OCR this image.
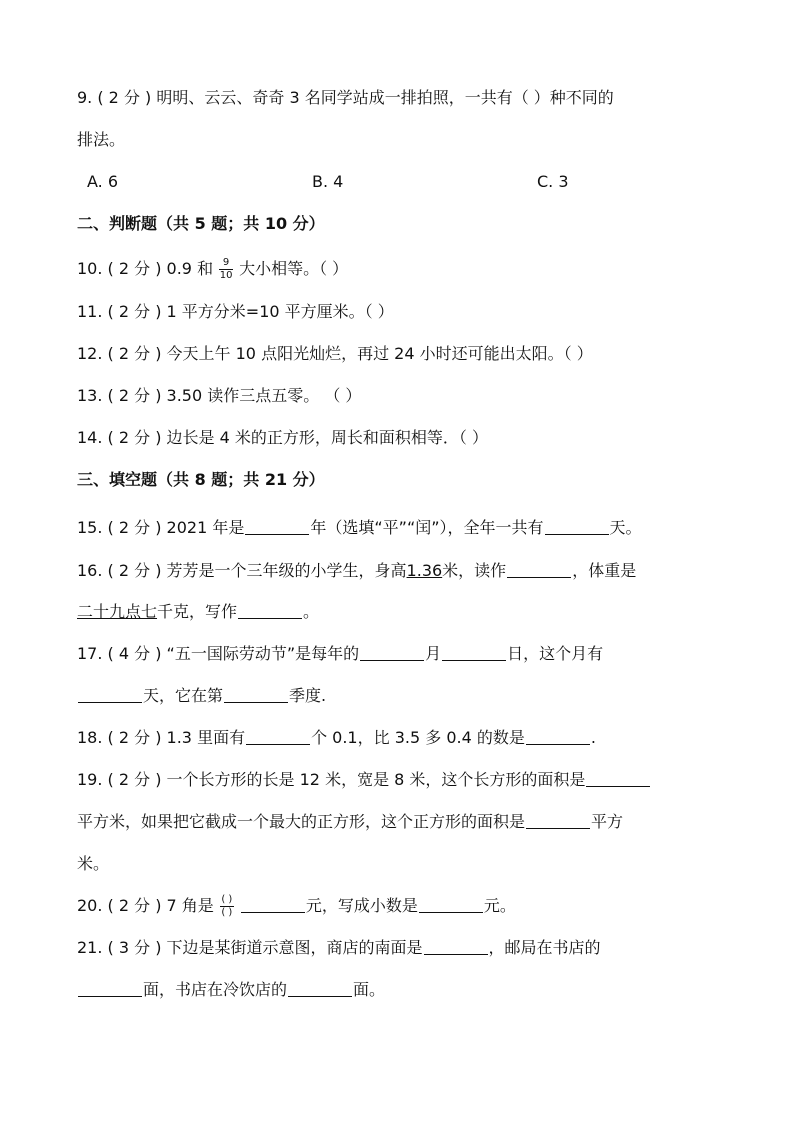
9. ( 2 分 ) 明明、云云、奇奇 3 名同学站成一排拍照，一共有（ ）种不同的
排法。
A. 6	B. 4	C. 3
二、判断题（共 5 题；共 10 分）
10. ( 2 分 ) 0.9 和 $\frac{9}{10}$ 大小相等。（ ）
11. ( 2 分 ) 1 平方分米=10 平方厘米。（ ）
12. ( 2 分 ) 今天上午 10 点阳光灿烂，再过 24 小时还可能出太阳。（ ）
13. ( 2 分 ) 3.50 读作三点五零。 （ ）
14. ( 2 分 ) 边长是 4 米的正方形，周长和面积相等．（ ）
三、填空题（共 8 题；共 21 分）
15. ( 2 分 ) 2021 年是	年（选填“平”“闰”），全年一共有	天。
16. ( 2 分 ) 芳芳是一个三年级的小学生，身高1.36米，读作	，体重是
二十九点七千克，写作	。
17. ( 4 分 ) “五一国际劳动节”是每年的	月	日，这个月有
天，它在第	季度.
18. ( 2 分 ) 1.3 里面有	个 0.1，比 3.5 多 0.4 的数是	.
19. ( 2 分 ) 一个长方形的长是 12 米，宽是 8 米，这个长方形的面积是
平方米，如果把它截成一个最大的正方形，这个正方形的面积是	平方
米。
20. ( 2 分 ) 7 角是 $\frac{( )}{( )}$	元，写成小数是	元。
21. ( 3 分 ) 下边是某街道示意图，商店的南面是	，邮局在书店的
面，书店在冷饮店的	面。
